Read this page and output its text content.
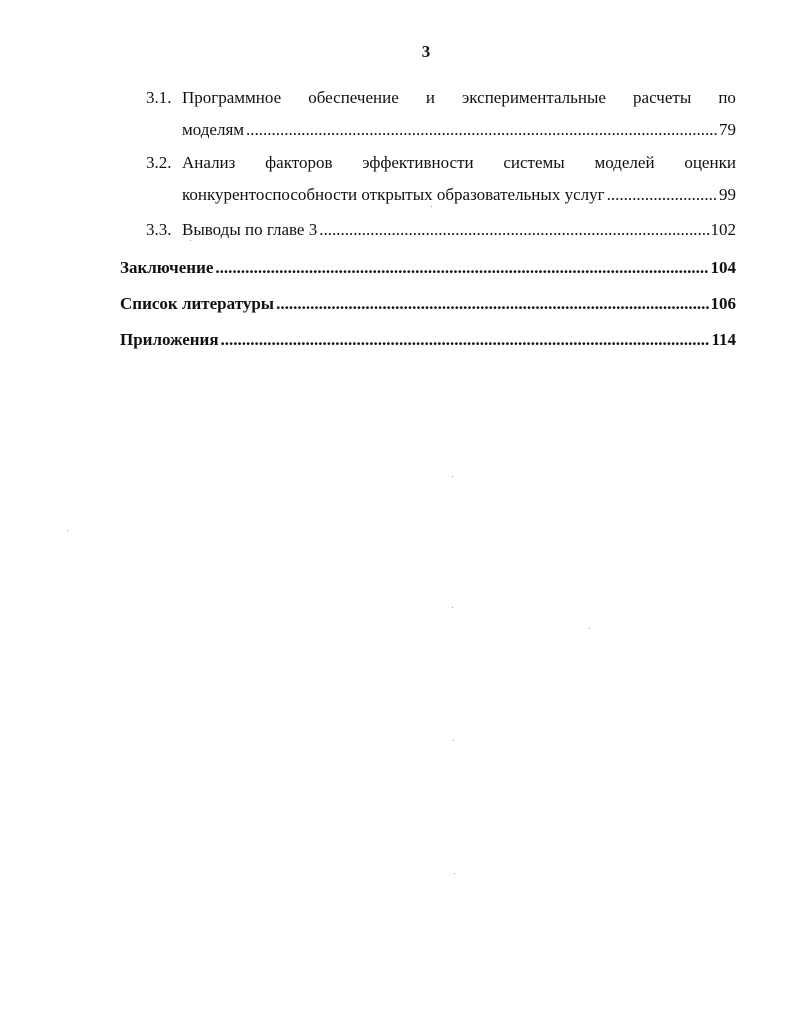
3
3.1. Программное обеспечение и экспериментальные расчеты по
моделям .....	79
3.2. Анализ факторов эффективности системы моделей оценки
конкурентоспособности открытых образовательных услуг .....	99
3.3. Выводы по главе 3 .....	102
Заключение .....	104
Список литературы .....	106
Приложения .....	114
